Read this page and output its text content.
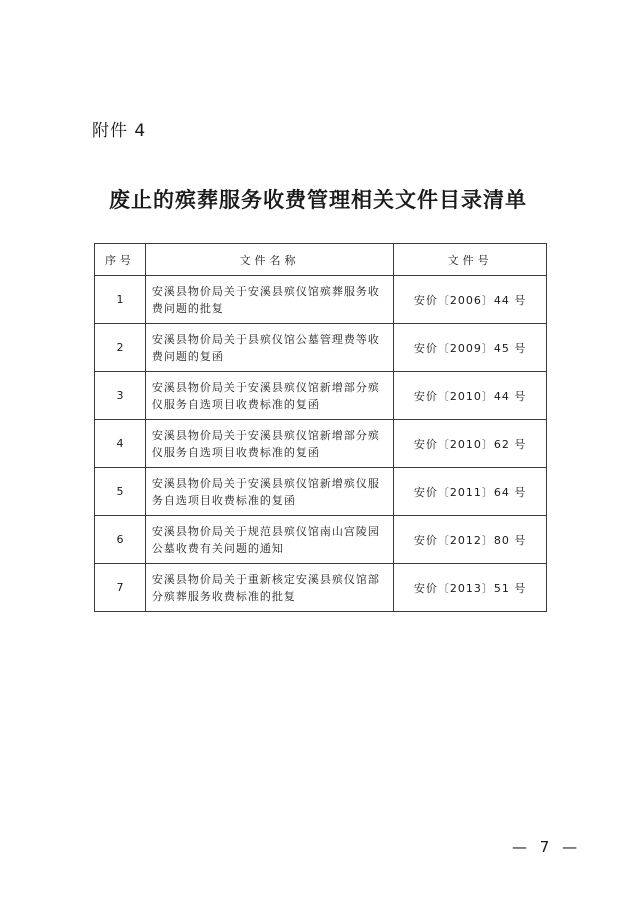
附件 4
废止的殡葬服务收费管理相关文件目录清单
序号	文件名称	文件号
1	安溪县物价局关于安溪县殡仪馆殡葬服务收费问题的批复	安价〔2006〕44 号
2	安溪县物价局关于县殡仪馆公墓管理费等收费问题的复函	安价〔2009〕45 号
3	安溪县物价局关于安溪县殡仪馆新增部分殡仪服务自选项目收费标准的复函	安价〔2010〕44 号
4	安溪县物价局关于安溪县殡仪馆新增部分殡仪服务自选项目收费标准的复函	安价〔2010〕62 号
5	安溪县物价局关于安溪县殡仪馆新增殡仪服务自选项目收费标准的复函	安价〔2011〕64 号
6	安溪县物价局关于规范县殡仪馆南山宫陵园公墓收费有关问题的通知	安价〔2012〕80 号
7	安溪县物价局关于重新核定安溪县殡仪馆部分殡葬服务收费标准的批复	安价〔2013〕51 号
— 7 —
